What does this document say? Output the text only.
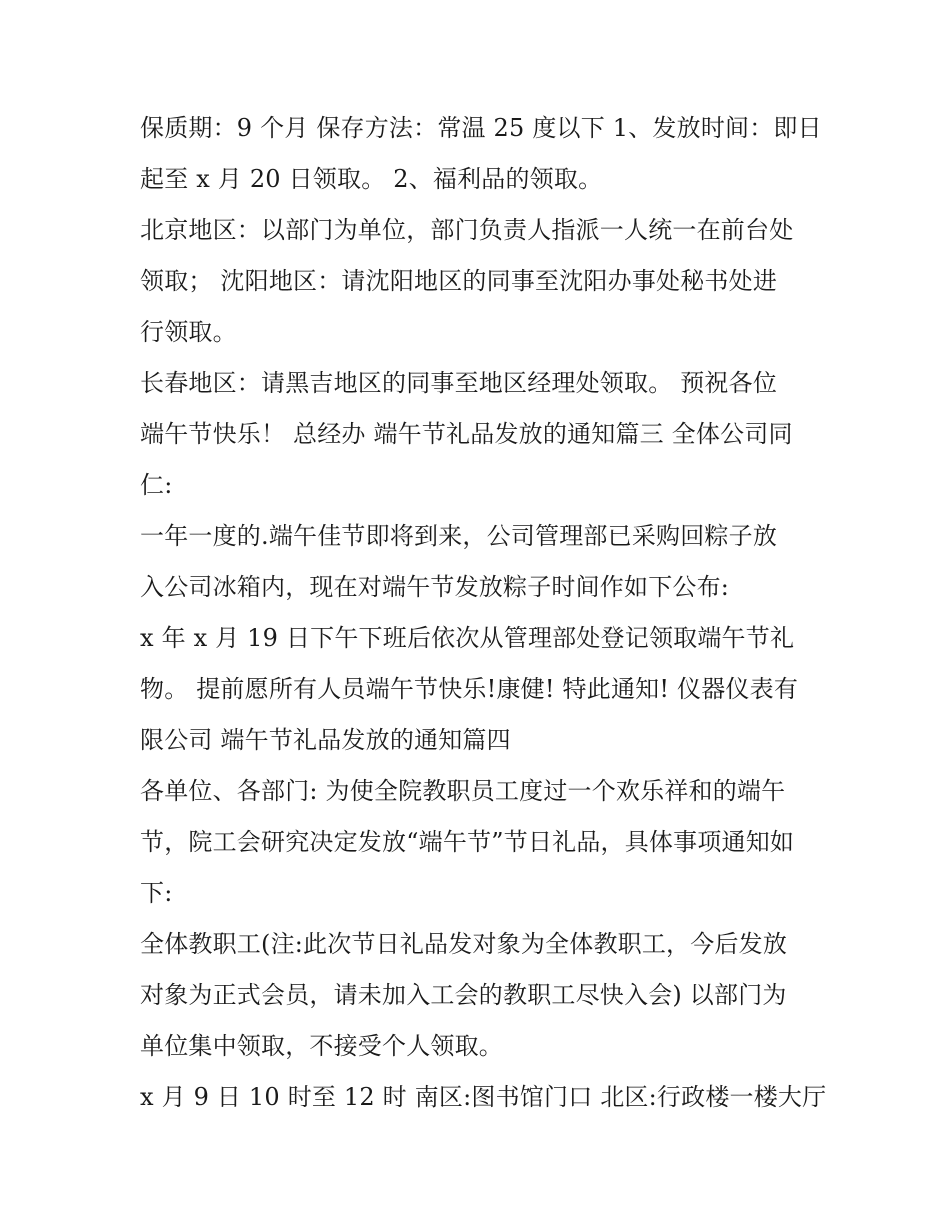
保质期：9 个月 保存方法：常温 25 度以下 1、发放时间：即日
起至 x 月 20 日领取。 2、福利品的领取。

北京地区：以部门为单位，部门负责人指派一人统一在前台处
领取； 沈阳地区：请沈阳地区的同事至沈阳办事处秘书处进
行领取。

长春地区：请黑吉地区的同事至地区经理处领取。 预祝各位
端午节快乐！ 总经办 端午节礼品发放的通知篇三 全体公司同
仁:

一年一度的.端午佳节即将到来，公司管理部已采购回粽子放
入公司冰箱内，现在对端午节发放粽子时间作如下公布:

x 年 x 月 19 日下午下班后依次从管理部处登记领取端午节礼
物。 提前愿所有人员端午节快乐!康健! 特此通知! 仪器仪表有
限公司 端午节礼品发放的通知篇四

各单位、各部门: 为使全院教职员工度过一个欢乐祥和的端午
节，院工会研究决定发放“端午节”节日礼品，具体事项通知如
下:

全体教职工(注:此次节日礼品发对象为全体教职工，今后发放
对象为正式会员，请未加入工会的教职工尽快入会) 以部门为
单位集中领取，不接受个人领取。

x 月 9 日 10 时至 12 时 南区:图书馆门口 北区:行政楼一楼大厅
